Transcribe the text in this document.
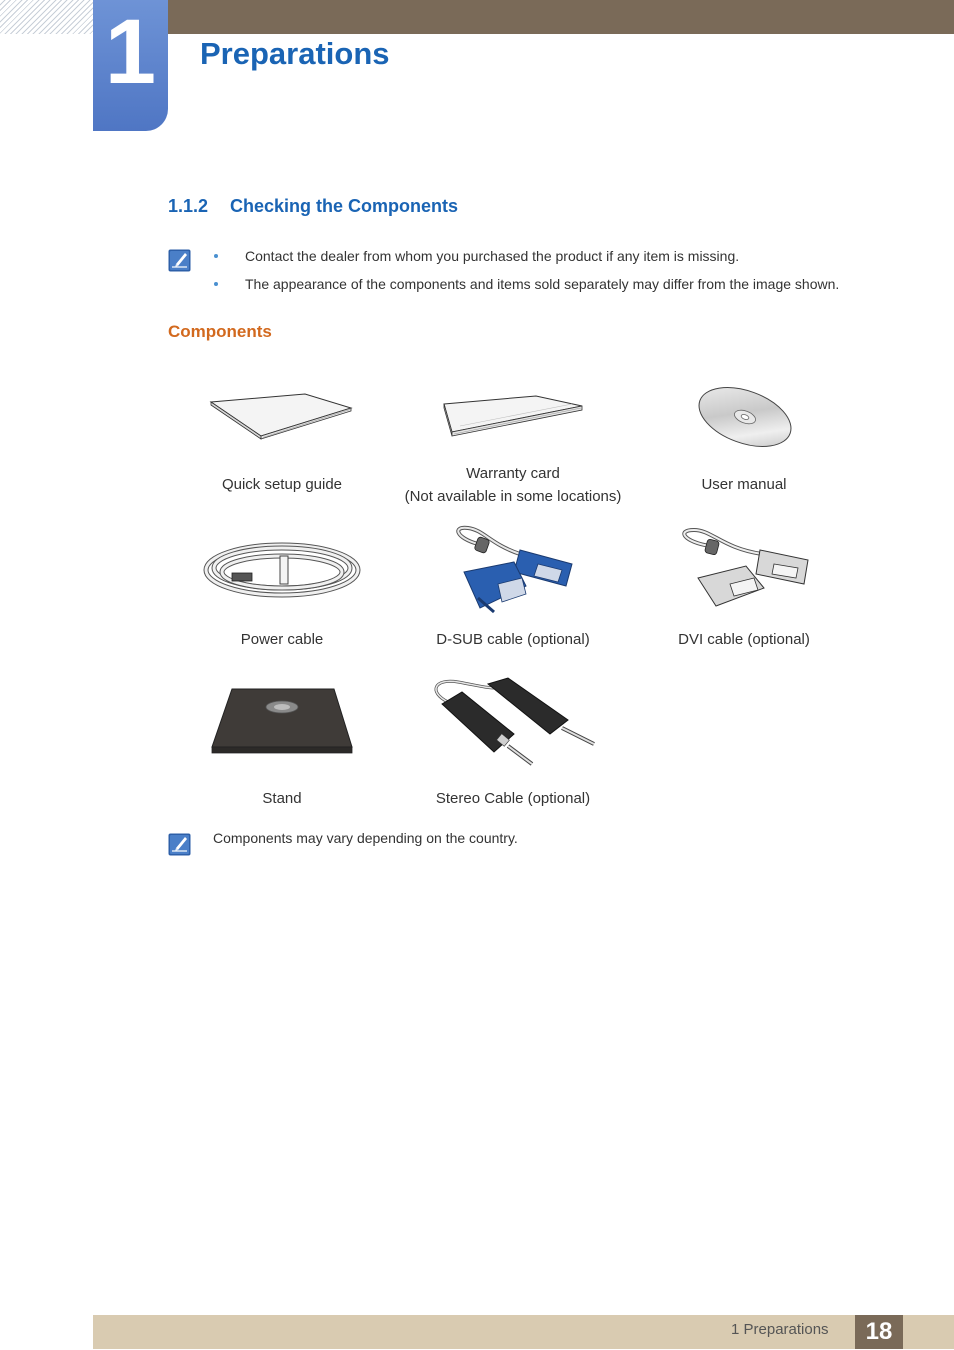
1	Preparations
1.1.2 Checking the Components
Contact the dealer from whom you purchased the product if any item is missing.
The appearance of the components and items sold separately may differ from the image shown.
Components
Quick setup guide
Warranty card
(Not available in some locations)
User manual
Power cable	D-SUB cable (optional)	DVI cable (optional)
Stand	Stereo Cable (optional)
Components may vary depending on the country.
1 Preparations	18
